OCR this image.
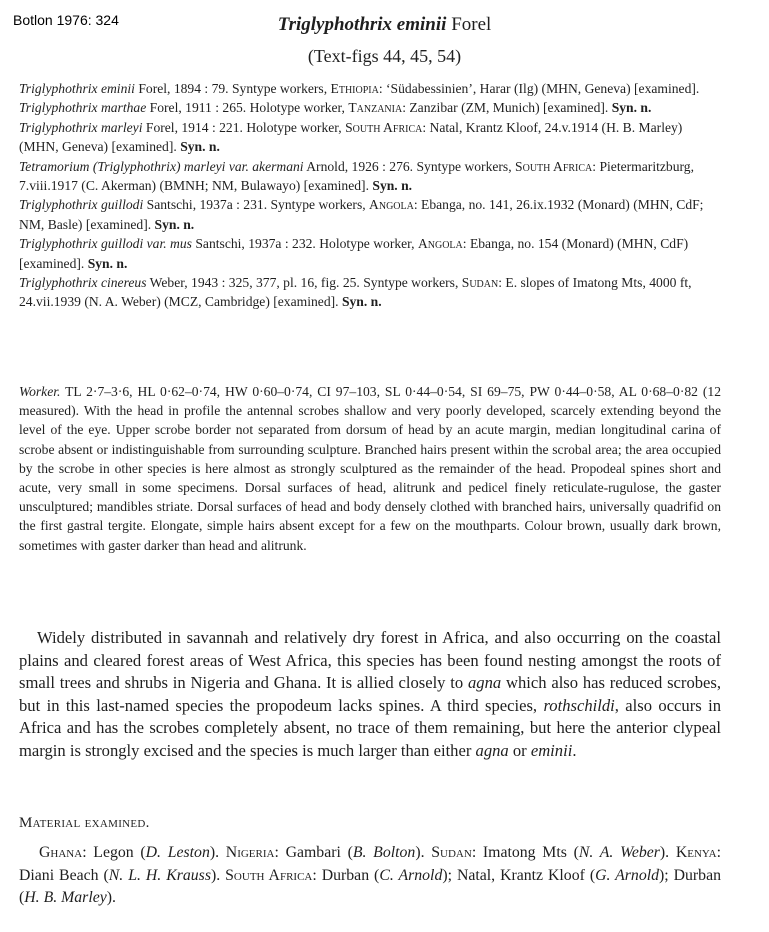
Botlon 1976: 324	Triglyphothrix eminii Forel
(Text-figs 44, 45, 54)

Triglyphothrix eminii Forel, 1894 : 79. Syntype workers, Ethiopia: ‘Südabessinien’, Harar (Ilg) (MHN, Geneva) [examined].

Triglyphothrix marthae Forel, 1911 : 265. Holotype worker, Tanzania: Zanzibar (ZM, Munich) [examined]. Syn. n.

Triglyphothrix marleyi Forel, 1914 : 221. Holotype worker, South Africa: Natal, Krantz Kloof, 24.v.1914 (H. B. Marley) (MHN, Geneva) [examined]. Syn. n.

Tetramorium (Triglyphothrix) marleyi var. akermani Arnold, 1926 : 276. Syntype workers, South Africa: Pietermaritzburg, 7.viii.1917 (C. Akerman) (BMNH; NM, Bulawayo) [examined]. Syn. n.

Triglyphothrix guillodi Santschi, 1937a : 231. Syntype workers, Angola: Ebanga, no. 141, 26.ix.1932 (Monard) (MHN, CdF; NM, Basle) [examined]. Syn. n.

Triglyphothrix guillodi var. mus Santschi, 1937a : 232. Holotype worker, Angola: Ebanga, no. 154 (Monard) (MHN, CdF) [examined]. Syn. n.

Triglyphothrix cinereus Weber, 1943 : 325, 377, pl. 16, fig. 25. Syntype workers, Sudan: E. slopes of Imatong Mts, 4000 ft, 24.vii.1939 (N. A. Weber) (MCZ, Cambridge) [examined]. Syn. n.

Worker. TL 2·7–3·6, HL 0·62–0·74, HW 0·60–0·74, CI 97–103, SL 0·44–0·54, SI 69–75, PW 0·44–0·58, AL 0·68–0·82 (12 measured). With the head in profile the antennal scrobes shallow and very poorly developed, scarcely extending beyond the level of the eye. Upper scrobe border not separated from dorsum of head by an acute margin, median longitudinal carina of scrobe absent or indistinguishable from surrounding sculpture. Branched hairs present within the scrobal area; the area occupied by the scrobe in other species is here almost as strongly sculptured as the remainder of the head. Propodeal spines short and acute, very small in some specimens. Dorsal surfaces of head, alitrunk and pedicel finely reticulate-rugulose, the gaster unsculptured; mandibles striate. Dorsal surfaces of head and body densely clothed with branched hairs, universally quadrifid on the first gastral tergite. Elongate, simple hairs absent except for a few on the mouthparts. Colour brown, usually dark brown, sometimes with gaster darker than head and alitrunk.

Widely distributed in savannah and relatively dry forest in Africa, and also occurring on the coastal plains and cleared forest areas of West Africa, this species has been found nesting amongst the roots of small trees and shrubs in Nigeria and Ghana. It is allied closely to agna which also has reduced scrobes, but in this last-named species the propodeum lacks spines. A third species, rothschildi, also occurs in Africa and has the scrobes completely absent, no trace of them remaining, but here the anterior clypeal margin is strongly excised and the species is much larger than either agna or eminii.

Material examined.

Ghana: Legon (D. Leston). Nigeria: Gambari (B. Bolton). Sudan: Imatong Mts (N. A. Weber). Kenya: Diani Beach (N. L. H. Krauss). South Africa: Durban (C. Arnold); Natal, Krantz Kloof (G. Arnold); Durban (H. B. Marley).
